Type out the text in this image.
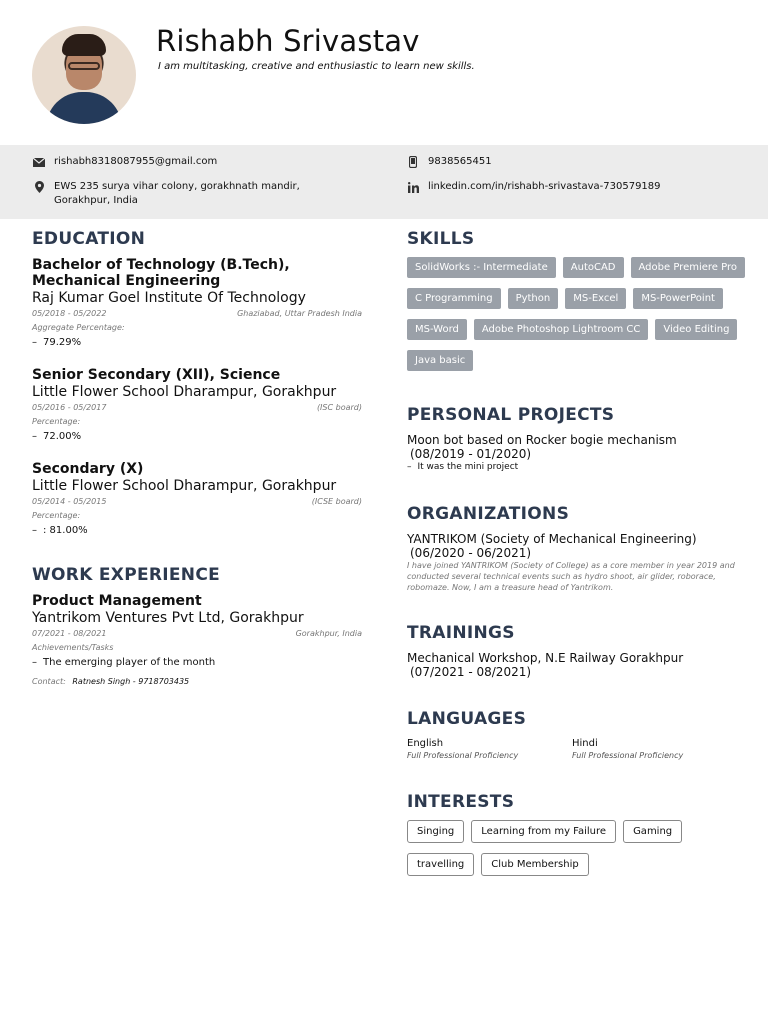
Rishabh Srivastav
I am multitasking, creative and enthusiastic to learn new skills.
rishabh8318087955@gmail.com	9838565451
EWS 235 surya vihar colony, gorakhnath mandir, Gorakhpur, India
linkedin.com/in/rishabh-srivastava-730579189
EDUCATION
Bachelor of Technology (B.Tech), Mechanical Engineering
Raj Kumar Goel Institute Of Technology
05/2018 - 05/2022	Ghaziabad, Uttar Pradesh India
Aggregate Percentage:
– 79.29%
Senior Secondary (XII), Science
Little Flower School Dharampur, Gorakhpur
05/2016 - 05/2017	(ISC board)
Percentage:
– 72.00%
Secondary (X)
Little Flower School Dharampur, Gorakhpur
05/2014 - 05/2015	(ICSE board)
Percentage:
– : 81.00%
WORK EXPERIENCE
Product Management
Yantrikom Ventures Pvt Ltd, Gorakhpur
07/2021 - 08/2021	Gorakhpur, India
Achievements/Tasks
– The emerging player of the month
Contact: Ratnesh Singh - 9718703435
SKILLS
SolidWorks :- Intermediate	AutoCAD	Adobe Premiere Pro
C Programming	Python	MS-Excel	MS-PowerPoint
MS-Word	Adobe Photoshop Lightroom CC	Video Editing
Java basic
PERSONAL PROJECTS
Moon bot based on Rocker bogie mechanism
(08/2019 - 01/2020)
– It was the mini project
ORGANIZATIONS
YANTRIKOM (Society of Mechanical Engineering)
(06/2020 - 06/2021)
I have joined YANTRIKOM (Society of College) as a core member in year 2019 and conducted several technical events such as hydro shoot, air glider, roborace, robomaze. Now, I am a treasure head of Yantrikom.
TRAININGS
Mechanical Workshop, N.E Railway Gorakhpur
(07/2021 - 08/2021)
LANGUAGES
English
Full Professional Proficiency
Hindi
Full Professional Proficiency
INTERESTS
Singing	Learning from my Failure	Gaming
travelling	Club Membership
